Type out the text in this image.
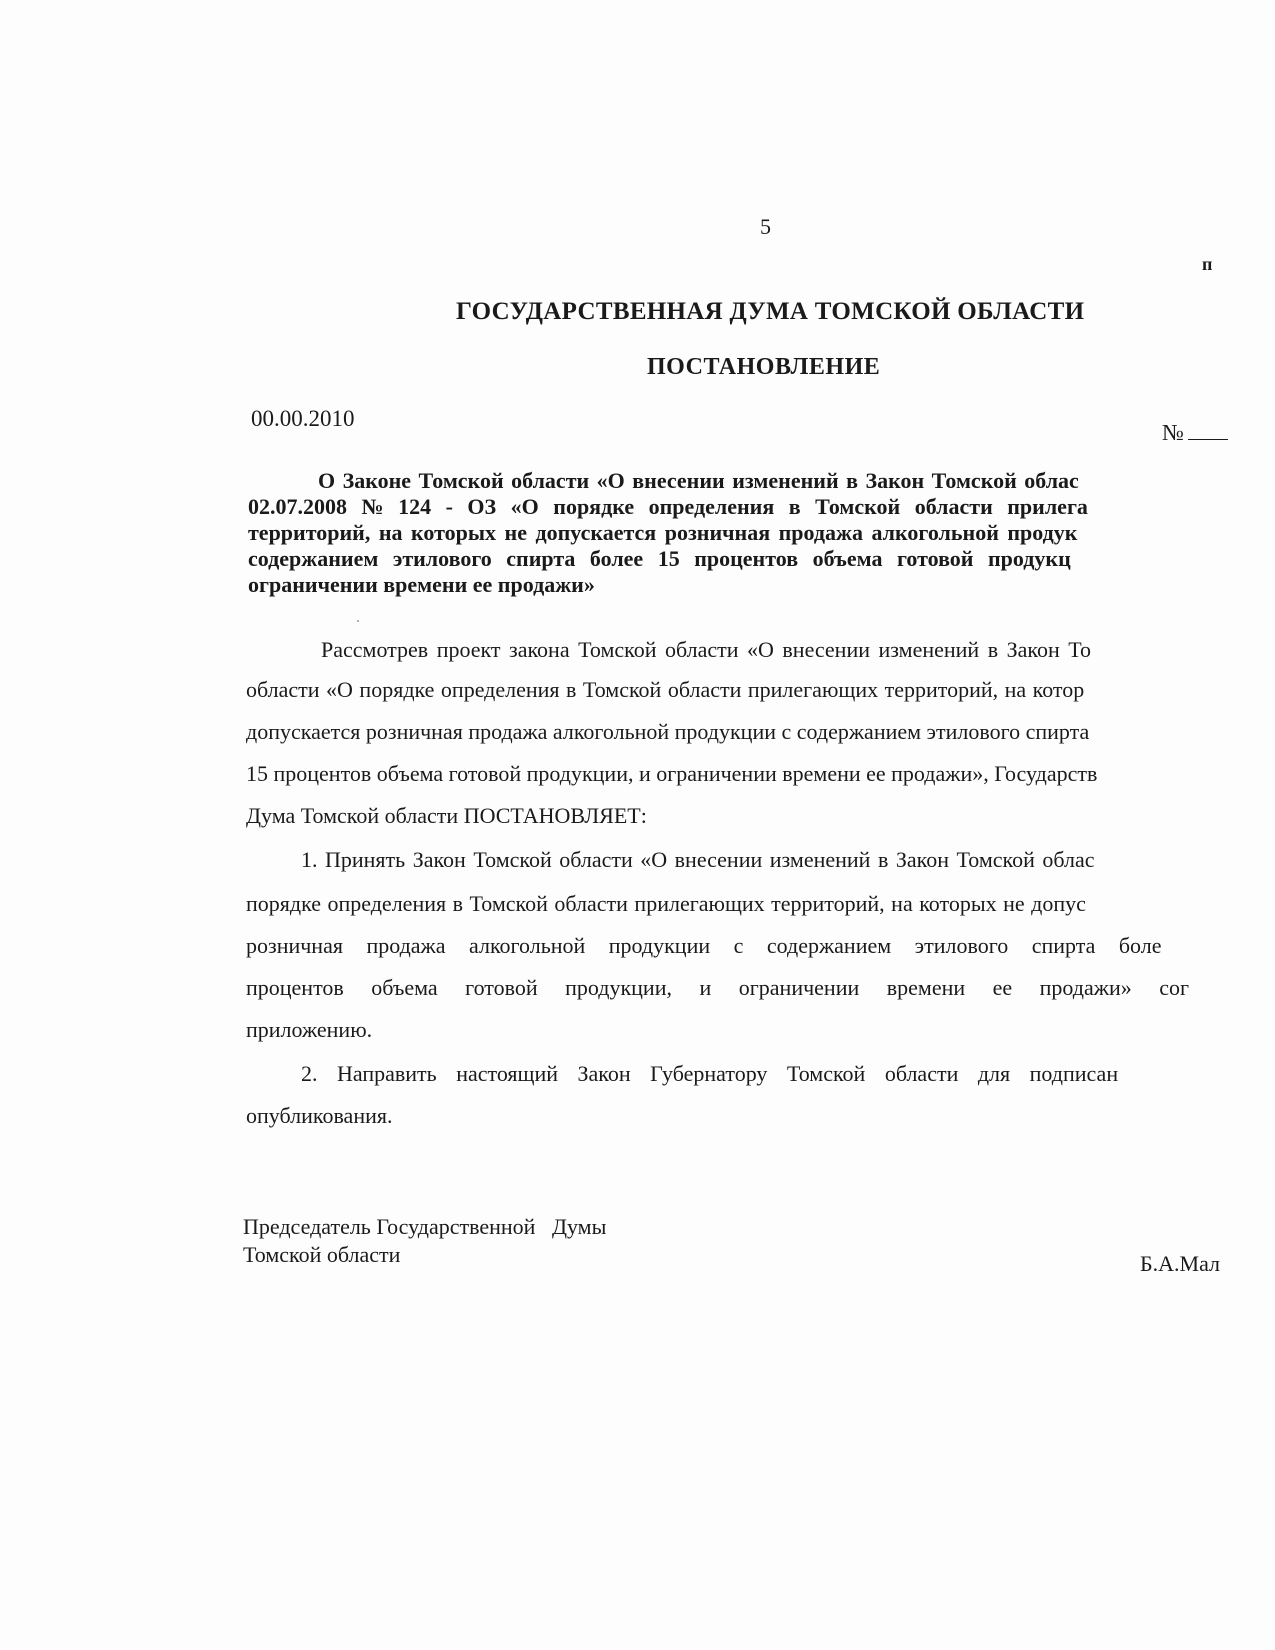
5
п
ГОСУДАРСТВЕННАЯ ДУМА ТОМСКОЙ ОБЛАСТИ
ПОСТАНОВЛЕНИЕ
00.00.2010
№
О Законе Томской области «О внесении изменений в Закон Томской облас
02.07.2008 № 124 - ОЗ «О порядке определения в Томской области прилега
территорий, на которых не допускается розничная продажа алкогольной продук
содержанием этилового спирта более 15 процентов объема готовой продукц
ограничении времени ее продажи»
Рассмотрев проект закона Томской области «О внесении изменений в Закон То
области «О порядке определения в Томской области прилегающих территорий, на котор
допускается розничная продажа алкогольной продукции с содержанием этилового спирта
15 процентов объема готовой продукции, и ограничении времени ее продажи», Государств
Дума Томской области ПОСТАНОВЛЯЕТ:
1. Принять Закон Томской области «О внесении изменений в Закон Томской облас
порядке определения в Томской области прилегающих территорий, на которых не допус
розничная продажа алкогольной продукции с содержанием этилового спирта боле
процентов объема готовой продукции, и ограничении времени ее продажи» сог
приложению.
2. Направить настоящий Закон Губернатору Томской области для подписан
опубликования.
Председатель Государственной   Думы
Томской области	Б.А.Мал
